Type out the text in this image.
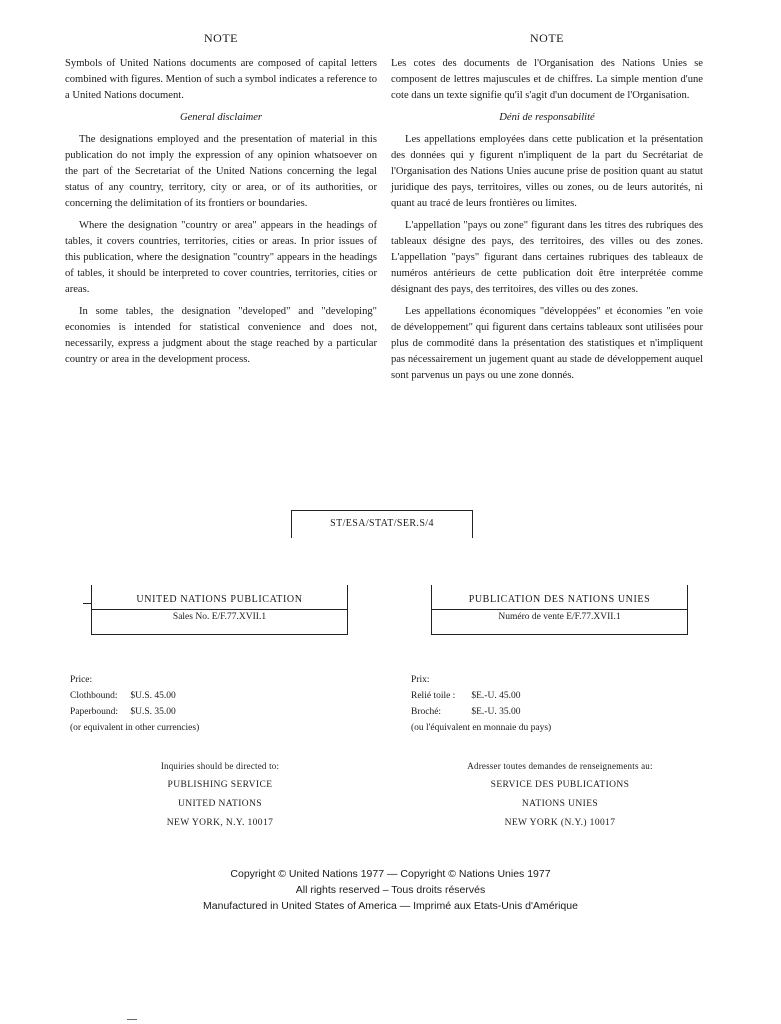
NOTE

Symbols of United Nations documents are composed of capital letters combined with figures. Mention of such a symbol indicates a reference to a United Nations document.

General disclaimer

The designations employed and the presentation of material in this publication do not imply the expression of any opinion whatsoever on the part of the Secretariat of the United Nations concerning the legal status of any country, territory, city or area, or of its authorities, or concerning the delimitation of its frontiers or boundaries.

Where the designation "country or area" appears in the headings of tables, it covers countries, territories, cities or areas. In prior issues of this publication, where the designation "country" appears in the headings of tables, it should be interpreted to cover countries, territories, cities or areas.

In some tables, the designation "developed" and "developing" economies is intended for statistical convenience and does not, necessarily, express a judgment about the stage reached by a particular country or area in the development process.

NOTE

Les cotes des documents de l'Organisation des Nations Unies se composent de lettres majuscules et de chiffres. La simple mention d'une cote dans un texte signifie qu'il s'agit d'un document de l'Organisation.

Déni de responsabilité

Les appellations employées dans cette publication et la présentation des données qui y figurent n'impliquent de la part du Secrétariat de l'Organisation des Nations Unies aucune prise de position quant au statut juridique des pays, territoires, villes ou zones, ou de leurs autorités, ni quant au tracé de leurs frontières ou limites.

L'appellation "pays ou zone" figurant dans les titres des rubriques des tableaux désigne des pays, des territoires, des villes ou des zones. L'appellation "pays" figurant dans certaines rubriques des tableaux de numéros antérieurs de cette publication doit être interprétée comme désignant des pays, des territoires, des villes ou des zones.

Les appellations économiques "développées" et économies "en voie de développement" qui figurent dans certains tableaux sont utilisées pour plus de commodité dans la présentation des statistiques et n'impliquent pas nécessairement un jugement quant au stade de développement auquel sont parvenus un pays ou une zone donnés.

ST/ESA/STAT/SER.S/4
UNITED NATIONS PUBLICATION
Sales No. E/F.77.XVII.1
PUBLICATION DES NATIONS UNIES
Numéro de vente E/F.77.XVII.1
Price:
Clothbound: $U.S. 45.00
Paperbound: $U.S. 35.00
(or equivalent in other currencies)
Prix:
Relié toile : $E.-U. 45.00
Broché:	$E.-U. 35.00
(ou l'équivalent en monnaie du pays)
Inquiries should be directed to:
PUBLISHING SERVICE
UNITED NATIONS
NEW YORK, N.Y. 10017
Adresser toutes demandes de renseignements au:
SERVICE DES PUBLICATIONS
NATIONS UNIES
NEW YORK (N.Y.) 10017
Copyright © United Nations 1977 — Copyright © Nations Unies 1977
All rights reserved – Tous droits réservés
Manufactured in United States of America — Imprimé aux Etats-Unis d'Amérique
